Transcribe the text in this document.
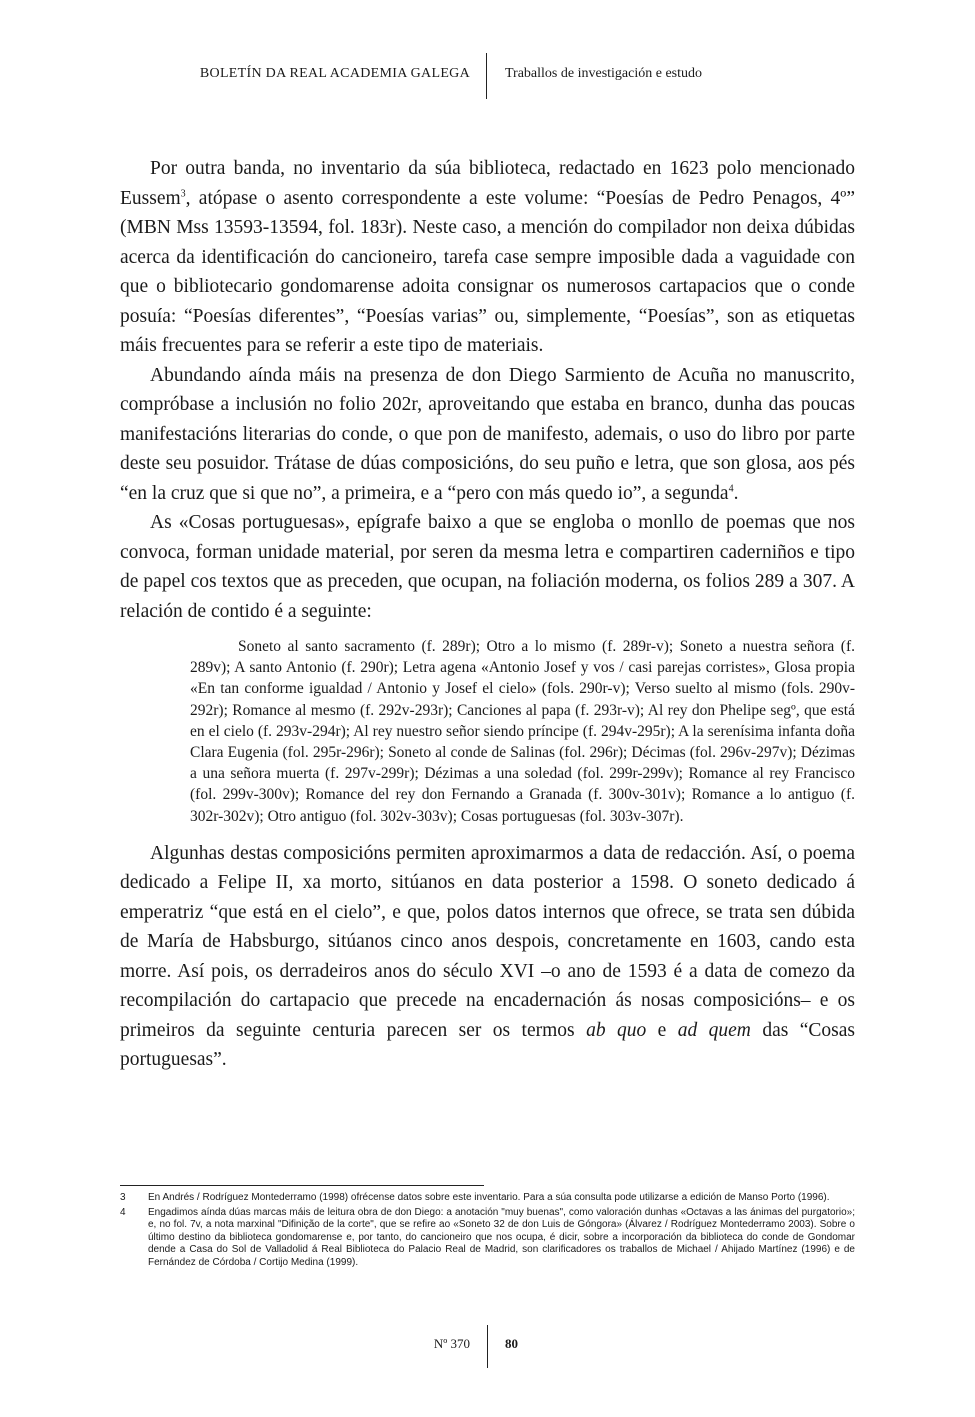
BOLETÍN DA REAL ACADEMIA GALEGA	Traballos de investigación e estudo

Por outra banda, no inventario da súa biblioteca, redactado en 1623 polo mencionado Eussem$^3$, atópase o asento correspondente a este volume: “Poesías de Pedro Penagos, 4º” (MBN Mss 13593-13594, fol. 183r). Neste caso, a mención do compilador non deixa dúbidas acerca da identificación do cancioneiro, tarefa case sempre imposible dada a vaguidade con que o bibliotecario gondomarense adoita consignar os numerosos cartapacios que o conde posuía: “Poesías diferentes”, “Poesías varias” ou, simplemente, “Poesías”, son as etiquetas máis frecuentes para se referir a este tipo de materiais.

Abundando aínda máis na presenza de don Diego Sarmiento de Acuña no manuscrito, compróbase a inclusión no folio 202r, aproveitando que estaba en branco, dunha das poucas manifestacións literarias do conde, o que pon de manifesto, ademais, o uso do libro por parte deste seu posuidor. Trátase de dúas composicións, do seu puño e letra, que son glosa, aos pés “en la cruz que si que no”, a primeira, e a “pero con más quedo io”, a segunda$^4$.

As «Cosas portuguesas», epígrafe baixo a que se engloba o monllo de poemas que nos convoca, forman unidade material, por seren da mesma letra e compartiren caderniños e tipo de papel cos textos que as preceden, que ocupan, na foliación moderna, os folios 289 a 307. A relación de contido é a seguinte:

Soneto al santo sacramento (f. 289r); Otro a lo mismo (f. 289r-v); Soneto a nuestra señora (f. 289v); A santo Antonio (f. 290r); Letra agena «Antonio Josef y vos / casi parejas corristes», Glosa propia «En tan conforme igualdad / Antonio y Josef el cielo» (fols. 290r-v); Verso suelto al mismo (fols. 290v-292r); Romance al mesmo (f. 292v-293r); Canciones al papa (f. 293r-v); Al rey don Phelipe segº, que está en el cielo (f. 293v-294r); Al rey nuestro señor siendo príncipe (f. 294v-295r); A la serenísima infanta doña Clara Eugenia (fol. 295r-296r); Soneto al conde de Salinas (fol. 296r); Décimas (fol. 296v-297v); Dézimas a una señora muerta (f. 297v-299r); Dézimas a una soledad (fol. 299r-299v); Romance al rey Francisco (fol. 299v-300v); Romance del rey don Fernando a Granada (f. 300v-301v); Romance a lo antiguo (f. 302r-302v); Otro antiguo (fol. 302v-303v); Cosas portuguesas (fol. 303v-307r).

Algunhas destas composicións permiten aproximarmos a data de redacción. Así, o poema dedicado a Felipe II, xa morto, sitúanos en data posterior a 1598. O soneto dedicado á emperatriz “que está en el cielo”, e que, polos datos internos que ofrece, se trata sen dúbida de María de Habsburgo, sitúanos cinco anos despois, concretamente en 1603, cando esta morre. Así pois, os derradeiros anos do século XVI –o ano de 1593 é a data de comezo da recompilación do cartapacio que precede na encadernación ás nosas composicións– e os primeiros da seguinte centuria parecen ser os termos ab quo e ad quem das “Cosas portuguesas”.

3	En Andrés / Rodríguez Montederramo (1998) ofrécense datos sobre este inventario. Para a súa consulta pode utilizarse a edición de Manso Porto (1996).
4	Engadimos aínda dúas marcas máis de leitura obra de don Diego: a anotación "muy buenas", como valoración dunhas «Octavas a las ánimas del purgatorio»; e, no fol. 7v, a nota marxinal "Difinição de la corte", que se refire ao «Soneto 32 de don Luis de Góngora» (Álvarez / Rodríguez Montederramo 2003). Sobre o último destino da biblioteca gondomarense e, por tanto, do cancioneiro que nos ocupa, é dicir, sobre a incorporación da biblioteca do conde de Gondomar dende a Casa do Sol de Valladolid á Real Biblioteca do Palacio Real de Madrid, son clarificadores os traballos de Michael / Ahijado Martínez (1996) e de Fernández de Córdoba / Cortijo Medina (1999).
Nº 370	80
